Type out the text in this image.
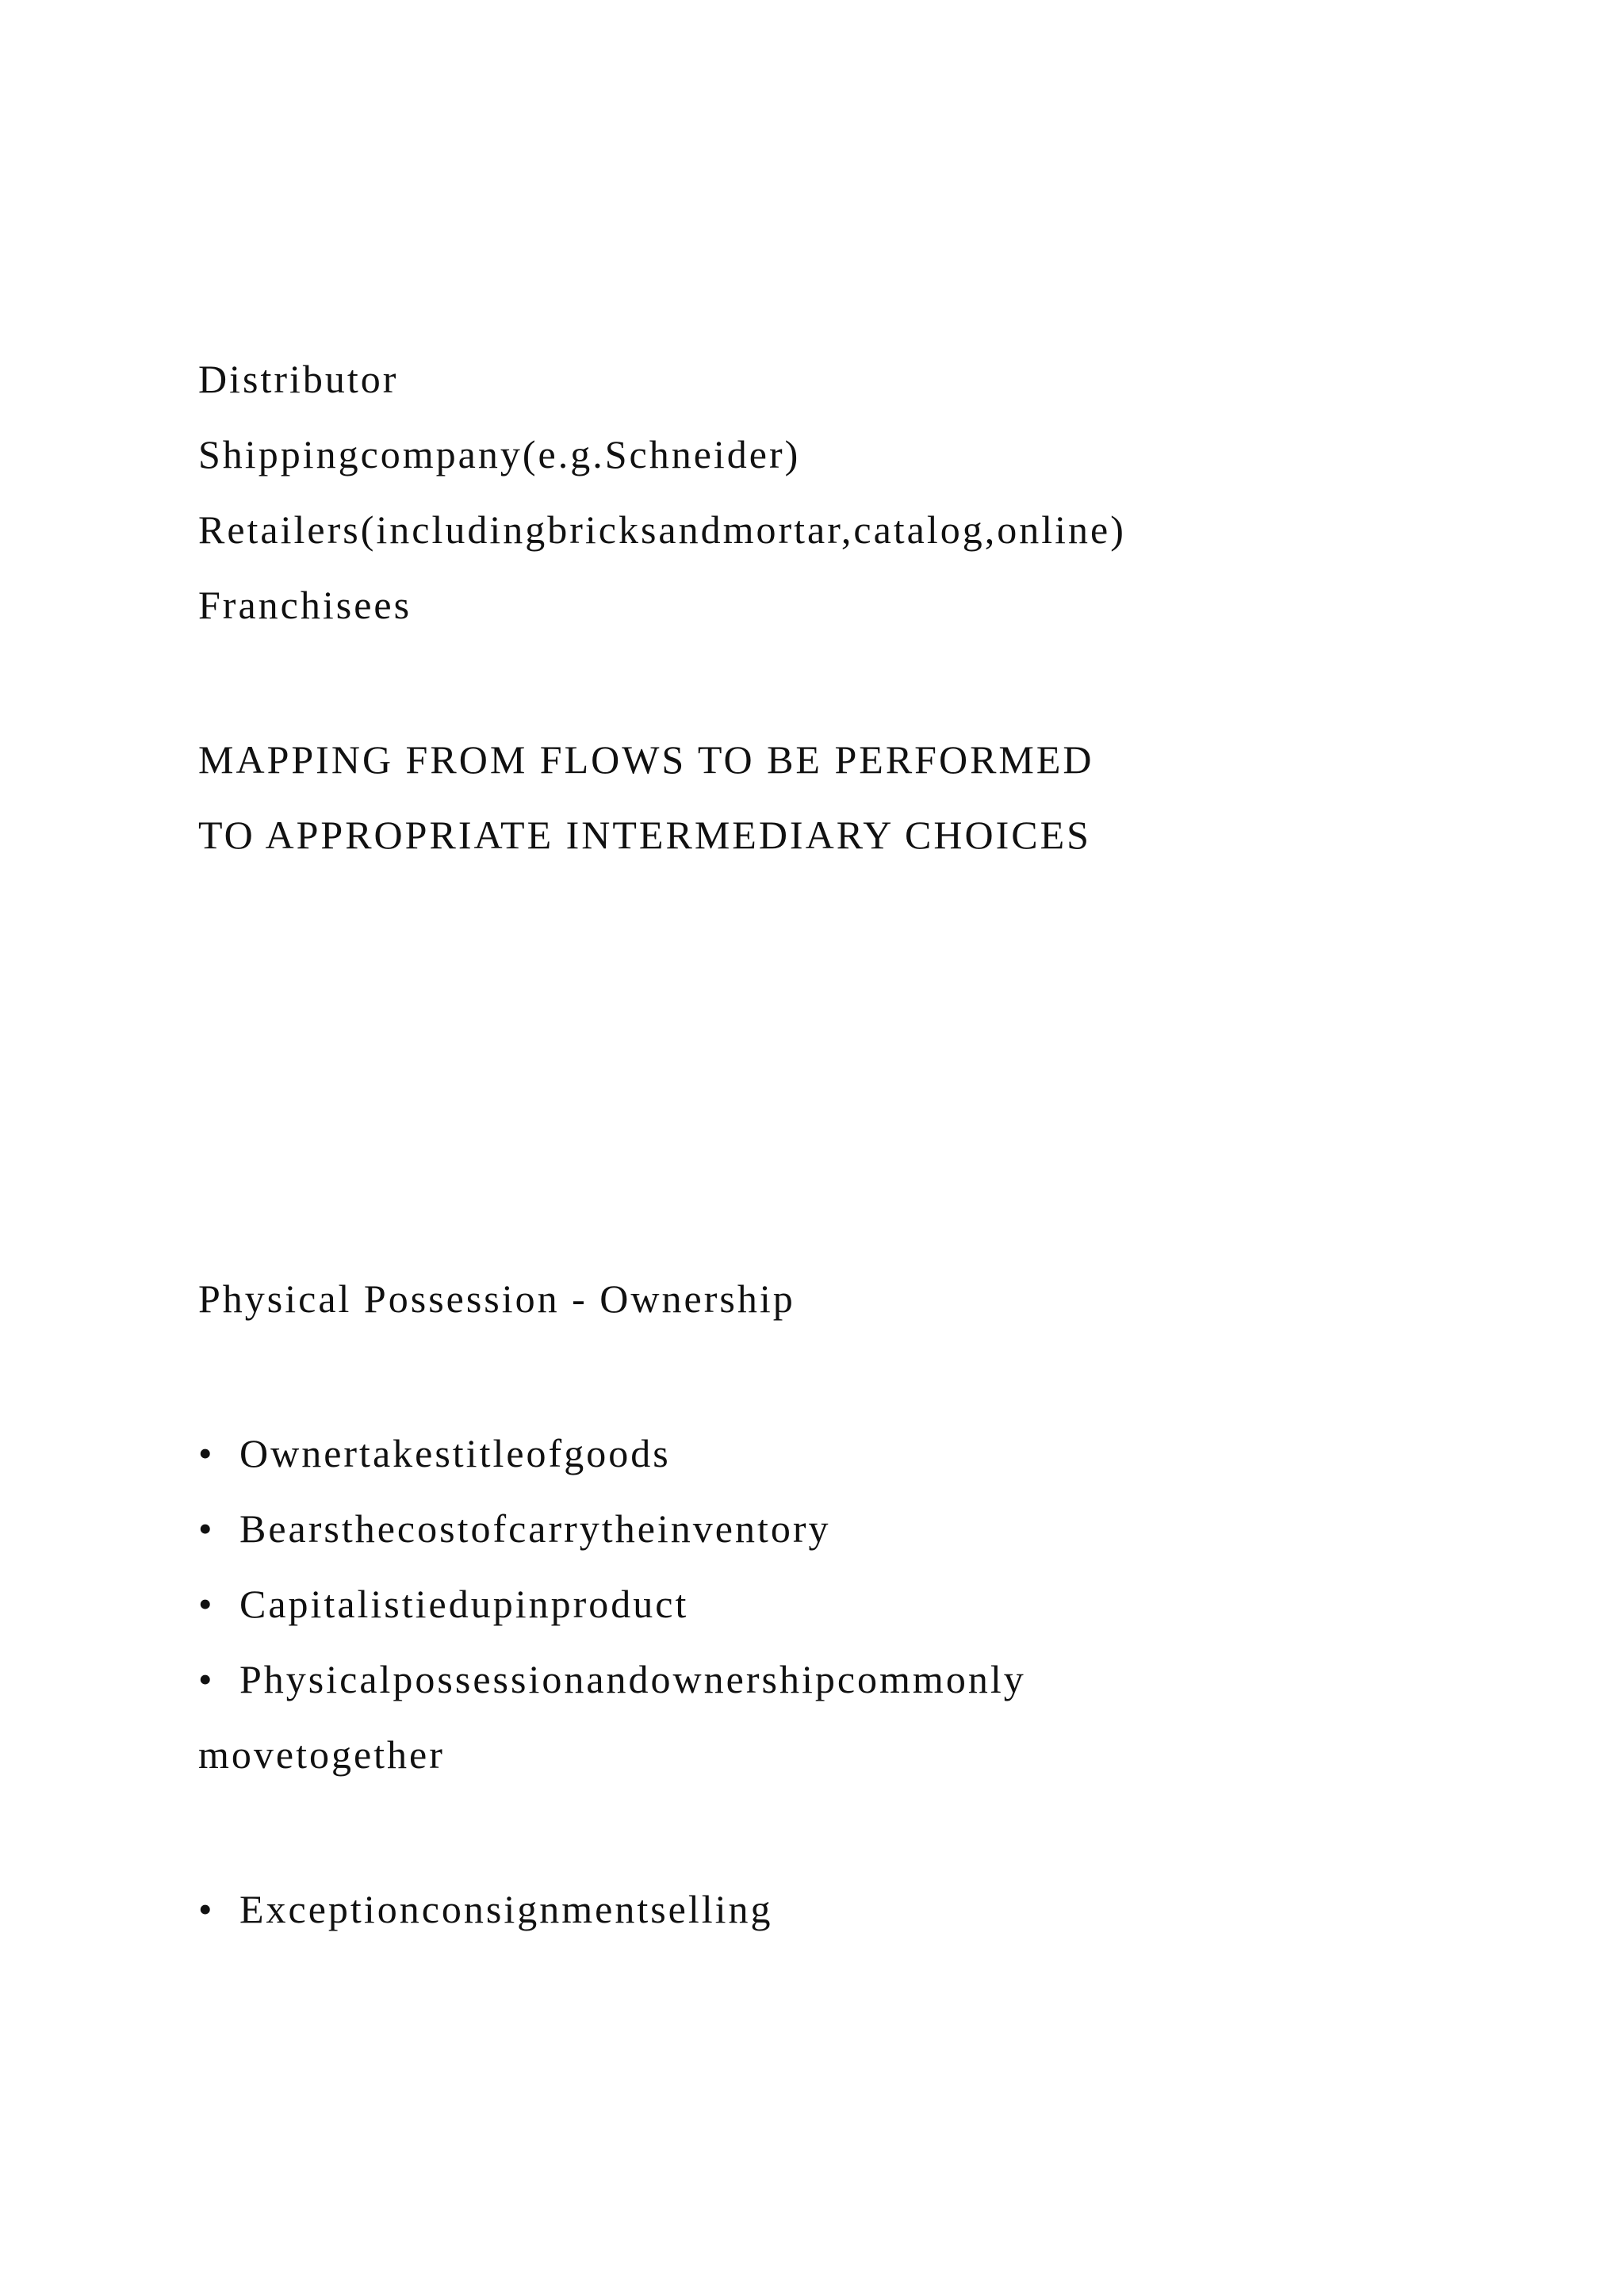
Distributor
Shippingcompany(e.g.Schneider)
Retailers(includingbricksandmortar,catalog,online)
Franchisees
MAPPING FROM FLOWS TO BE PERFORMED
TO APPROPRIATE INTERMEDIARY CHOICES
Physical Possession - Ownership
• Ownertakestitleofgoods
• Bearsthecostofcarrytheinventory
• Capitalistiedupinproduct
• Physicalpossessionandownershipcommonly
movetogether
• Exceptionconsignmentselling
